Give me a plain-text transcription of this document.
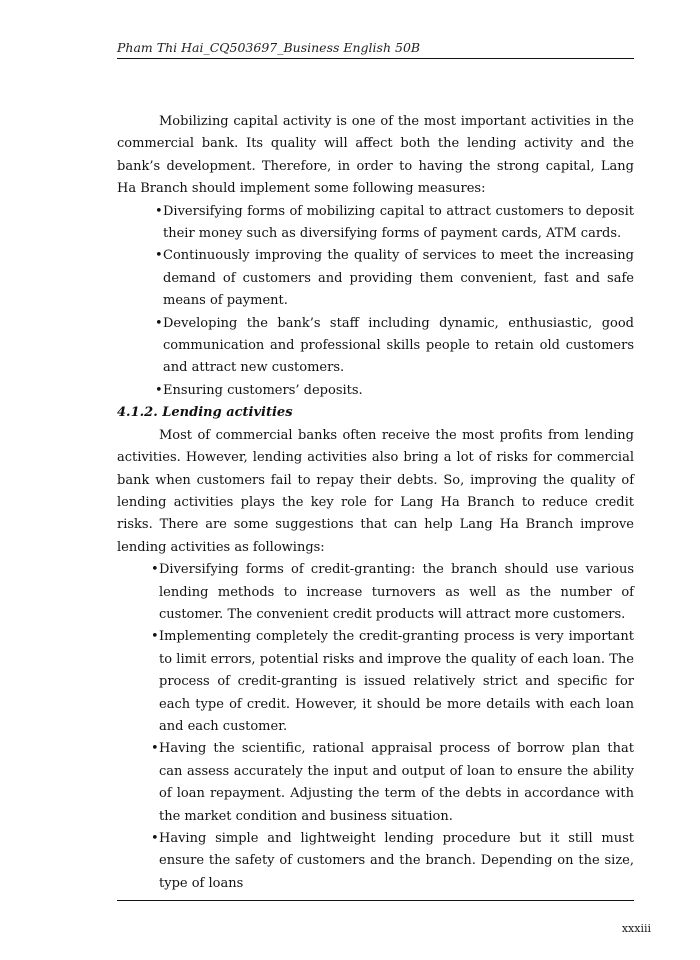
Pham Thi Hai_CQ503697_Business English 50B

Mobilizing capital activity is one of the most important activities in the commercial bank. Its quality will affect both the lending activity and the bank’s development. Therefore, in order to having the strong capital, Lang Ha Branch should implement some following measures:

• Diversifying forms of mobilizing capital to attract customers to deposit their money such as diversifying forms of payment cards, ATM cards.
• Continuously improving the quality of services to meet the increasing demand of customers and providing them convenient, fast and safe means of payment.
• Developing the bank’s staff including dynamic, enthusiastic, good communication and professional skills people to retain old customers and attract new customers.
• Ensuring customers’ deposits.
4.1.2. Lending activities

Most of commercial banks often receive the most profits from lending activities. However, lending activities also bring a lot of risks for commercial bank when customers fail to repay their debts. So, improving the quality of lending activities plays the key role for Lang Ha Branch to reduce credit risks. There are some suggestions that can help Lang Ha Branch improve lending activities as followings:

• Diversifying forms of credit-granting: the branch should use various lending methods to increase turnovers as well as the number of customer. The convenient credit products will attract more customers.
• Implementing completely the credit-granting process is very important to limit errors, potential risks and improve the quality of each loan. The process of credit-granting is issued relatively strict and specific for each type of credit. However, it should be more details with each loan and each customer.
• Having the scientific, rational appraisal process of borrow plan that can assess accurately the input and output of loan to ensure the ability of loan repayment. Adjusting the term of the debts in accordance with the market condition and business situation.
• Having simple and lightweight lending procedure but it still must ensure the safety of customers and the branch. Depending on the size, type of loans
xxxiii
